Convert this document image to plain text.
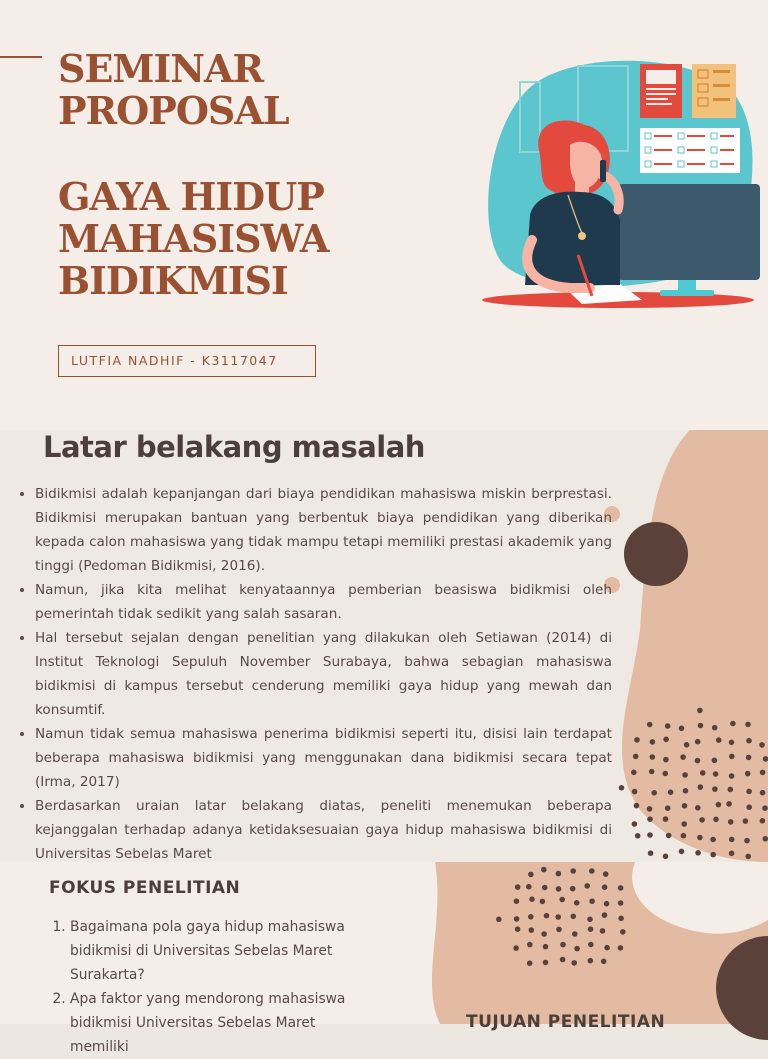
SEMINAR
PROPOSAL
GAYA HIDUP
MAHASISWA
BIDIKMISI
LUTFIA NADHIF - K3117047
Latar belakang masalah
• Bidikmisi adalah kepanjangan dari biaya pendidikan mahasiswa miskin berprestasi. Bidikmisi merupakan bantuan yang berbentuk biaya pendidikan yang diberikan kepada calon mahasiswa yang tidak mampu tetapi memiliki prestasi akademik yang tinggi (Pedoman Bidikmisi, 2016).
• Namun, jika kita melihat kenyataannya pemberian beasiswa bidikmisi oleh pemerintah tidak sedikit yang salah sasaran.
• Hal tersebut sejalan dengan penelitian yang dilakukan oleh Setiawan (2014) di Institut Teknologi Sepuluh November Surabaya, bahwa sebagian mahasiswa bidikmisi di kampus tersebut cenderung memiliki gaya hidup yang mewah dan konsumtif.
• Namun tidak semua mahasiswa penerima bidikmisi seperti itu, disisi lain terdapat beberapa mahasiswa bidikmisi yang menggunakan dana bidikmisi secara tepat (Irma, 2017)
• Berdasarkan uraian latar belakang diatas, peneliti menemukan beberapa kejanggalan terhadap adanya ketidaksesuaian gaya hidup mahasiswa bidikmisi di Universitas Sebelas Maret
FOKUS PENELITIAN
1. Bagaimana pola gaya hidup mahasiswa bidikmisi di Universitas Sebelas Maret Surakarta?
2. Apa faktor yang mendorong mahasiswa bidikmisi Universitas Sebelas Maret memiliki
TUJUAN PENELITIAN
